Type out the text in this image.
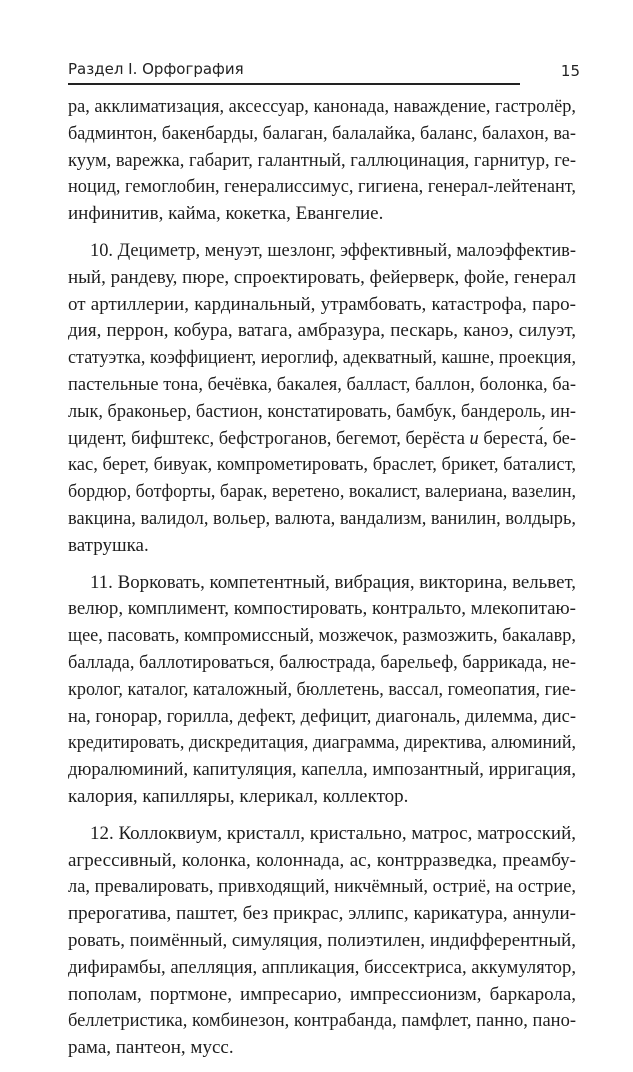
Раздел I. Орфография	15
ра, акклиматизация, аксессуар, канонада, наваждение, гастролёр,
бадминтон, бакенбарды, балаган, балалайка, баланс, балахон, ва-
куум, варежка, габарит, галантный, галлюцинация, гарнитур, ге-
ноцид, гемоглобин, генералиссимус, гигиена, генерал-лейтенант,
инфинитив, кайма, кокетка, Евангелие.
10. Дециметр, менуэт, шезлонг, эффективный, малоэффектив-
ный, рандеву, пюре, спроектировать, фейерверк, фойе, генерал
от артиллерии, кардинальный, утрамбовать, катастрофа, паро-
дия, перрон, кобура, ватага, амбразура, пескарь, каноэ, силуэт,
статуэтка, коэффициент, иероглиф, адекватный, кашне, проекция,
пастельные тона, бечёвка, бакалея, балласт, баллон, болонка, ба-
лык, браконьер, бастион, констатировать, бамбук, бандероль, ин-
цидент, бифштекс, бефстроганов, бегемот, берёста и береста́, бе-
кас, берет, бивуак, компрометировать, браслет, брикет, баталист,
бордюр, ботфорты, барак, веретено, вокалист, валериана, вазелин,
вакцина, валидол, вольер, валюта, вандализм, ванилин, волдырь,
ватрушка.
11. Ворковать, компетентный, вибрация, викторина, вельвет,
велюр, комплимент, компостировать, контральто, млекопитаю-
щее, пасовать, компромиссный, мозжечок, размозжить, бакалавр,
баллада, баллотироваться, балюстрада, барельеф, баррикада, не-
кролог, каталог, каталожный, бюллетень, вассал, гомеопатия, гие-
на, гонорар, горилла, дефект, дефицит, диагональ, дилемма, дис-
кредитировать, дискредитация, диаграмма, директива, алюминий,
дюралюминий, капитуляция, капелла, импозантный, ирригация,
калория, капилляры, клерикал, коллектор.
12. Коллоквиум, кристалл, кристально, матрос, матросский,
агрессивный, колонка, колоннада, ас, контрразведка, преамбу-
ла, превалировать, привходящий, никчёмный, остриё, на острие,
прерогатива, паштет, без прикрас, эллипс, карикатура, аннули-
ровать, поимённый, симуляция, полиэтилен, индифферентный,
дифирамбы, апелляция, аппликация, биссектриса, аккумулятор,
пополам, портмоне, импресарио, импрессионизм, баркарола,
беллетристика, комбинезон, контрабанда, памфлет, панно, пано-
рама, пантеон, мусс.
